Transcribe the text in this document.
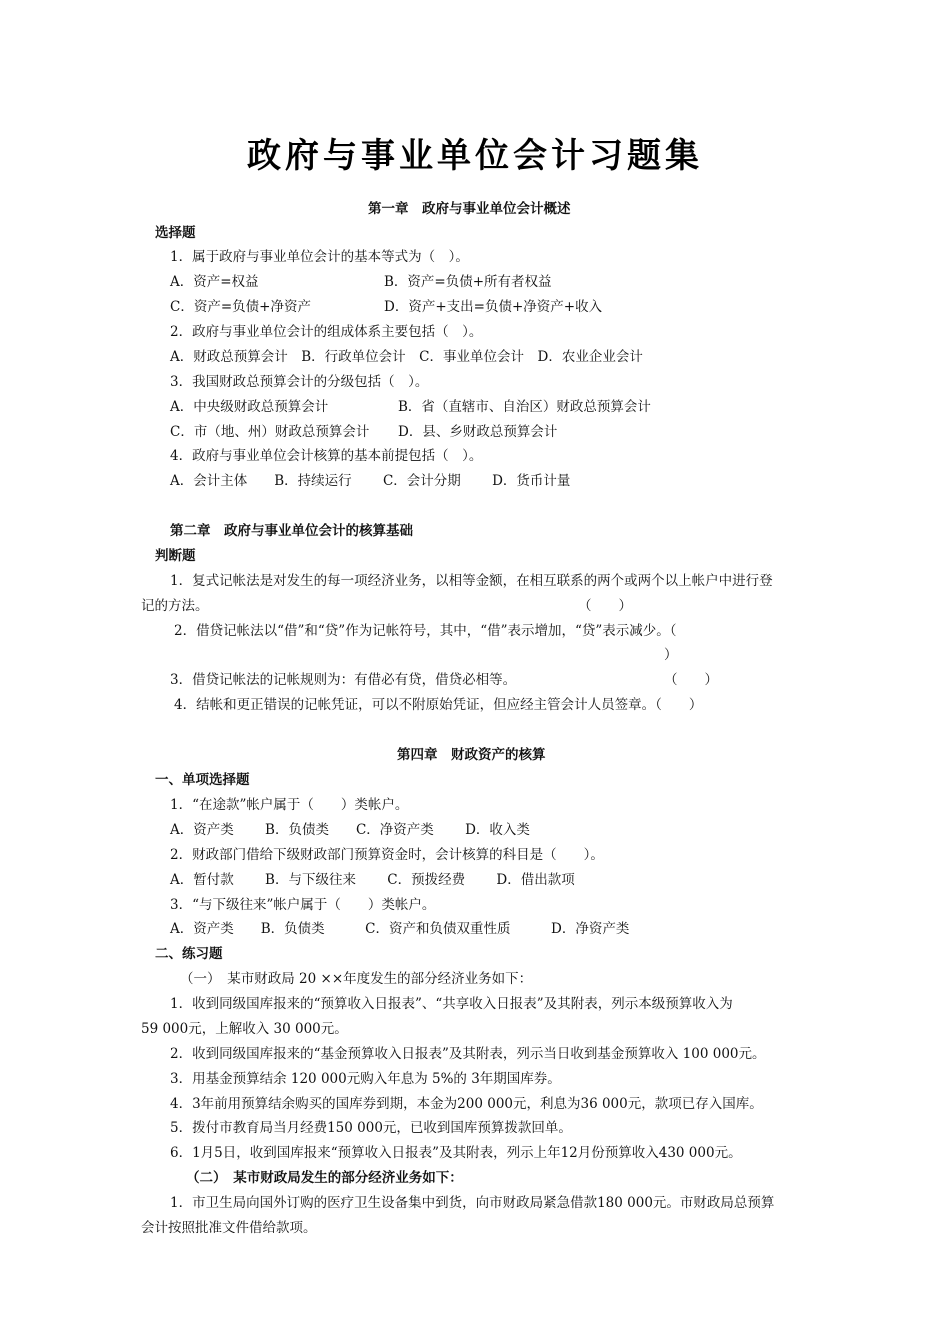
政府与事业单位会计习题集
第一章　政府与事业单位会计概述
选择题
1．属于政府与事业单位会计的基本等式为（　）。
A．资产=权益	B．资产=负债+所有者权益
C．资产=负债+净资产	D．资产+支出=负债+净资产+收入
2．政府与事业单位会计的组成体系主要包括（　）。
A．财政总预算会计　B．行政单位会计　C．事业单位会计　D．农业企业会计
3．我国财政总预算会计的分级包括（　）。
A．中央级财政总预算会计	B．省（直辖市、自治区）财政总预算会计
C．市（地、州）财政总预算会计 D．县、乡财政总预算会计
4．政府与事业单位会计核算的基本前提包括（　）。
A．会计主体　　B．持续运行　　 C．会计分期　　 D．货币计量
第二章　政府与事业单位会计的核算基础
判断题
1．复式记帐法是对发生的每一项经济业务，以相等金额，在相互联系的两个或两个以上帐户中进行登
记的方法。	（　　）
2．借贷记帐法以“借”和“贷”作为记帐符号，其中，“借”表示增加，“贷”表示减少。（
）
3．借贷记帐法的记帐规则为：有借必有贷，借贷必相等。	（　　）
4．结帐和更正错误的记帐凭证，可以不附原始凭证，但应经主管会计人员签章。（　　）
第四章　财政资产的核算
一、单项选择题
1．“在途款”帐户属于（　　）类帐户。
A．资产类　　 B．负债类　　C．净资产类　　 D．收入类
2．财政部门借给下级财政部门预算资金时，会计核算的科目是（　　）。
A．暂付款　　 B．与下级往来　　 C．预拨经费　　 D．借出款项
3．“与下级往来”帐户属于（　　）类帐户。
A．资产类　　B．负债类　　　C．资产和负债双重性质　　　D．净资产类
二、练习题
（一）　某市财政局 20 ××年度发生的部分经济业务如下：
1．收到同级国库报来的“预算收入日报表”、“共享收入日报表”及其附表，列示本级预算收入为
59 000元，上解收入 30 000元。
2．收到同级国库报来的“基金预算收入日报表”及其附表，列示当日收到基金预算收入 100 000元。
3．用基金预算结余 120 000元购入年息为 5%的 3年期国库券。
4．3年前用预算结余购买的国库券到期，本金为200 000元，利息为36 000元，款项已存入国库。
5．拨付市教育局当月经费150 000元，已收到国库预算拨款回单。
6．1月5日，收到国库报来“预算收入日报表”及其附表，列示上年12月份预算收入430 000元。
（二）　某市财政局发生的部分经济业务如下：
1．市卫生局向国外订购的医疗卫生设备集中到货，向市财政局紧急借款180 000元。市财政局总预算
会计按照批准文件借给款项。
